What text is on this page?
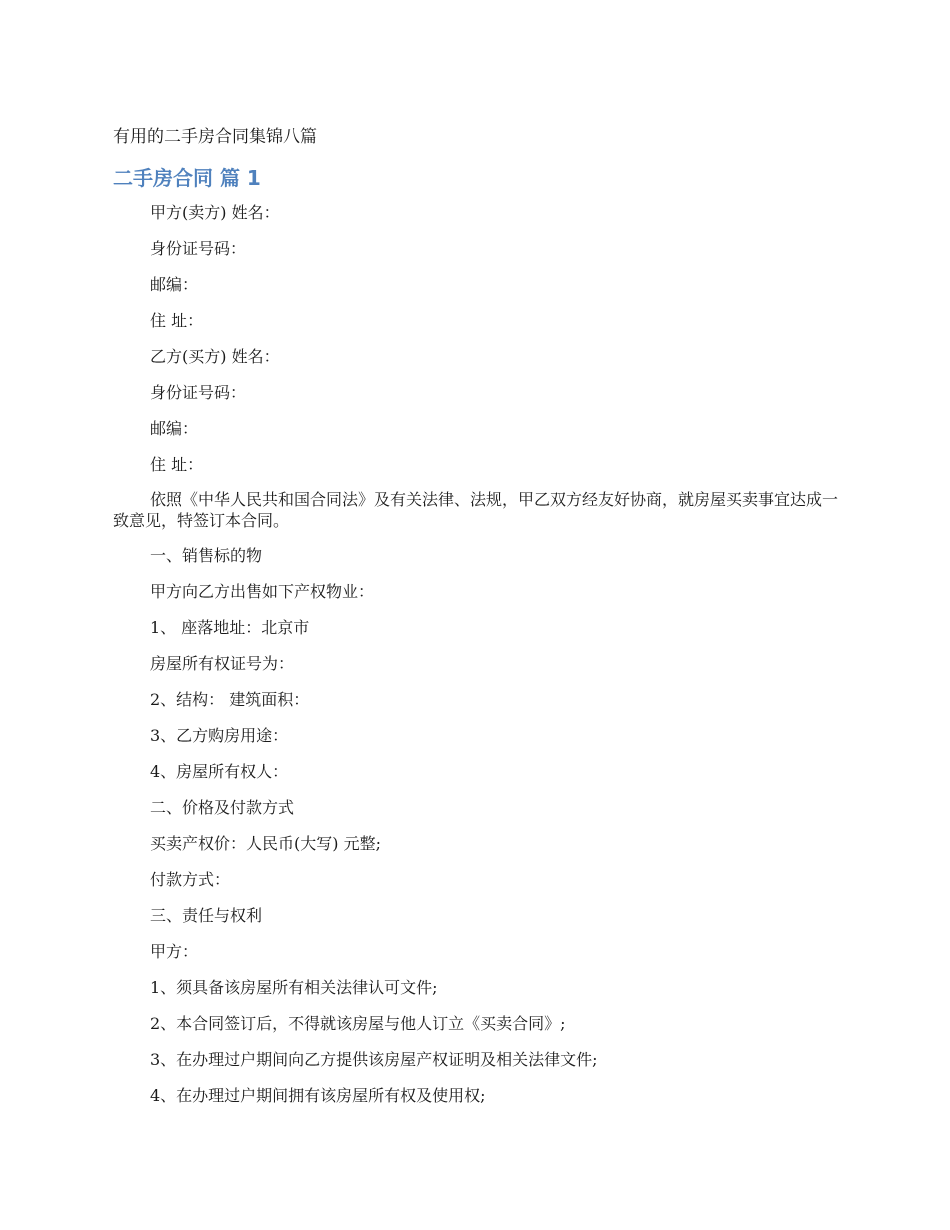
有用的二手房合同集锦八篇
二手房合同 篇 1

甲方(卖方) 姓名：

身份证号码：

邮编：

住 址：

乙方(买方) 姓名：

身份证号码：

邮编：

住 址：

依照《中华人民共和国合同法》及有关法律、法规，甲乙双方经友好协商，就房屋买卖事宜达成一致意见，特签订本合同。

一、销售标的物

甲方向乙方出售如下产权物业：

1、 座落地址：北京市

房屋所有权证号为：

2、结构： 建筑面积：

3、乙方购房用途：

4、房屋所有权人：

二、价格及付款方式

买卖产权价：人民币(大写) 元整;

付款方式：

三、责任与权利

甲方：

1、须具备该房屋所有相关法律认可文件;

2、本合同签订后，不得就该房屋与他人订立《买卖合同》;

3、在办理过户期间向乙方提供该房屋产权证明及相关法律文件;

4、在办理过户期间拥有该房屋所有权及使用权;
